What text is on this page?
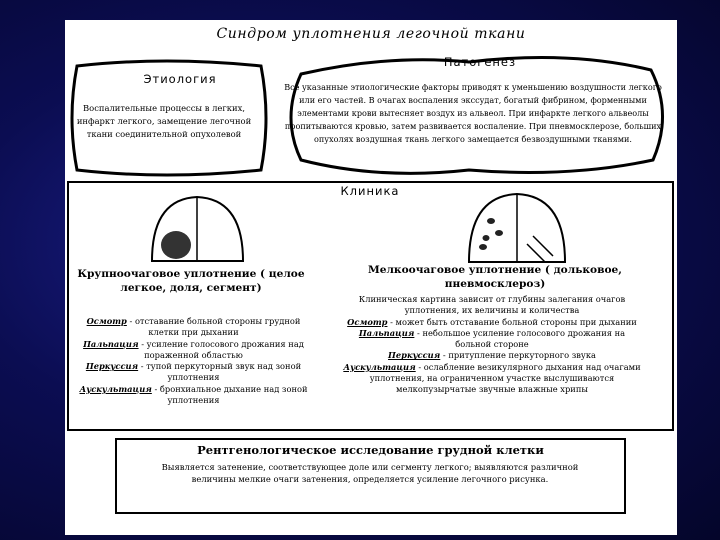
Синдром уплотнения легочной ткани
Этиология
Воспалительные процессы в легких, инфаркт легкого, замещение легочной ткани соединительной опухолевой
Патогенез
Все указанные этиологические факторы приводят к уменьшению воздушности легкого или его частей. В очагах воспаления экссудат, богатый фибрином, форменными элементами крови вытесняет воздух из альвеол. При инфаркте легкого альвеолы пропитываются кровью, затем развивается воспаление. При пневмосклерозе, больших опухолях воздушная ткань легкого замещается безвоздушными тканями.
Клиника
Крупноочаговое уплотнение ( целое легкое, доля, сегмент)
Мелкоочаговое уплотнение ( дольковое, пневмосклероз)
Осмотр - отставание больной стороны грудной клетки при дыхании
Пальпация - усиление голосового дрожания над пораженной областью
Перкуссия - тупой перкуторный звук над зоной уплотнения
Аускультация - бронхиальное дыхание над зоной уплотнения
Клиническая картина зависит от глубины залегания очагов уплотнения, их величины и количества
Осмотр - может быть отставание больной стороны при дыхании
Пальпация - небольшое усиление голосового дрожания на больной стороне
Перкуссия - притупление перкуторного звука
Аускультация - ослабление везикулярного дыхания над очагами уплотнения, на ограниченном участке выслушиваются мелкопузырчатые звучные влажные хрипы
Рентгенологическое исследование грудной клетки
Выявляется затенение, соответствующее доле или сегменту легкого; выявляются различной величины мелкие очаги затенения, определяется усиление легочного рисунка.
